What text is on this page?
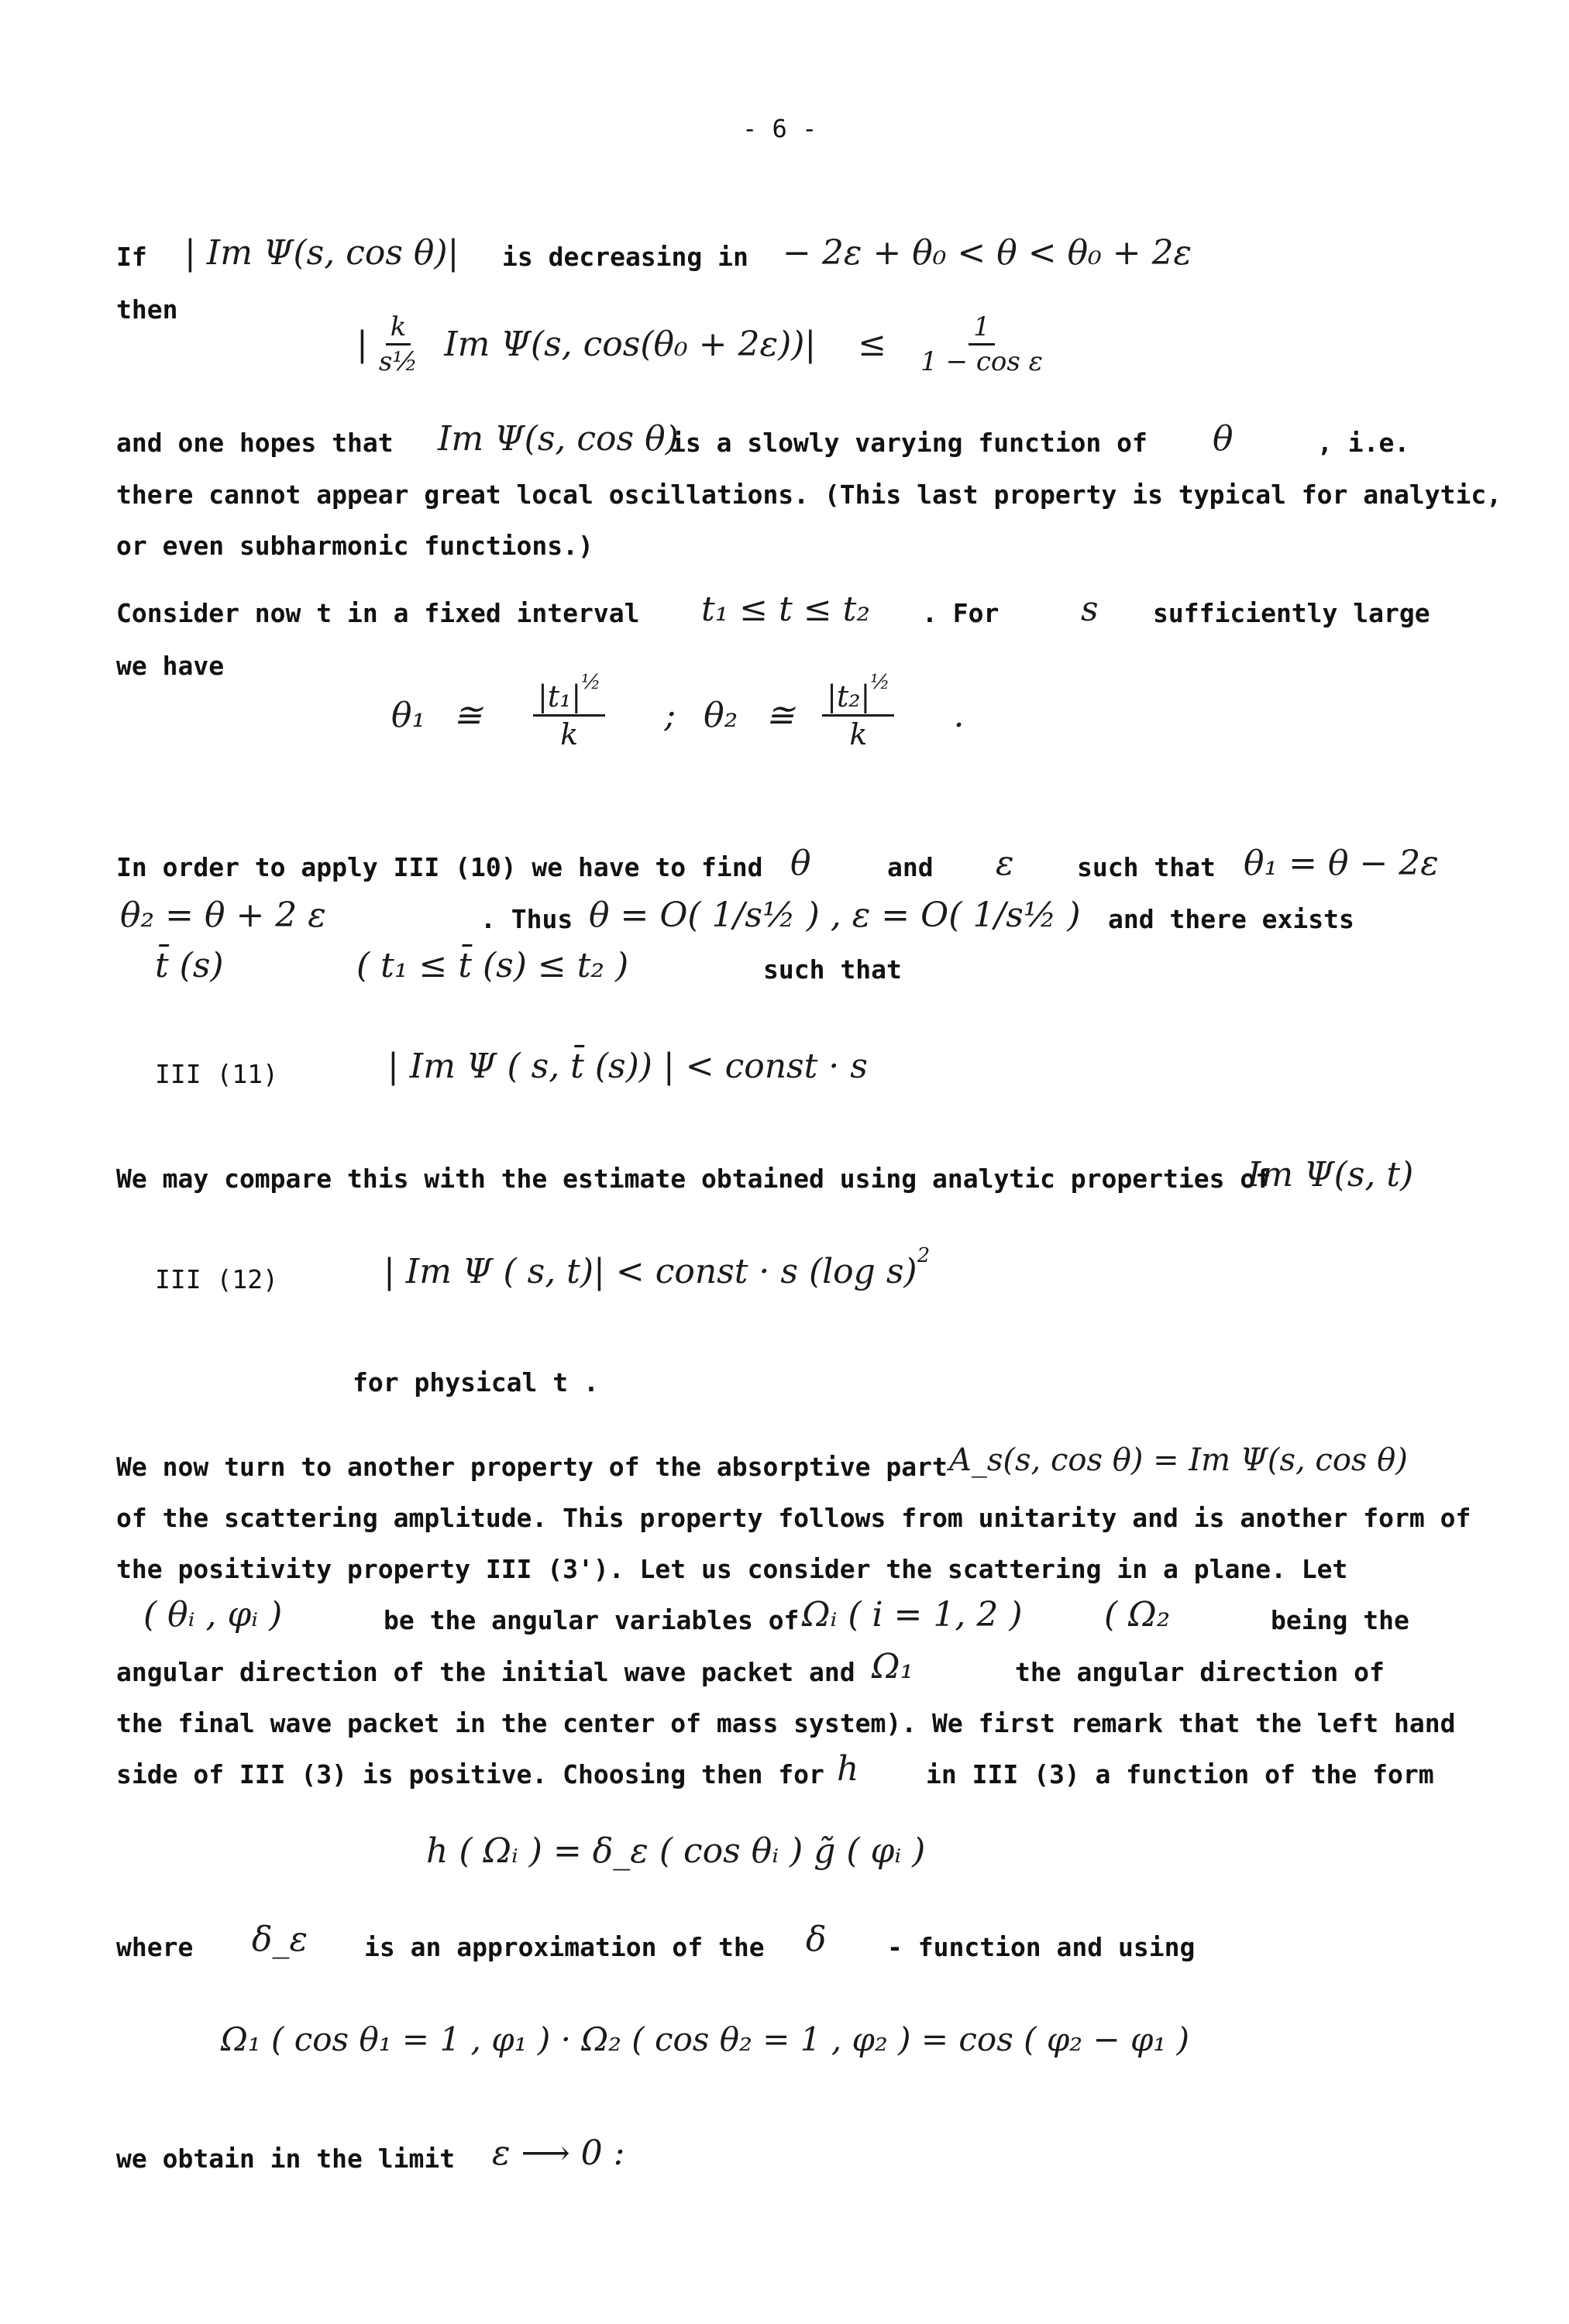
- 6 -
If | Im Ψ(s, cos θ)| is decreasing in − 2ε + θ₀ < θ < θ₀ + 2ε
then
| $\frac{k}{\text{s½}}$ Im Ψ(s, $\cos(\theta_0 + 2\varepsilon))| \le \frac{1}{\text{1 − cos ε}}$
and one hopes that Im Ψ(s, cos θ)
is a slowly varying function of θ	, i.e.
there cannot appear great local oscillations. (This last property is typical for analytic,
or even subharmonic functions.)
Consider now t in a fixed interval t₁ ≤ t ≤ t₂ . For s sufficiently large
we have
θ₁ ≅ $\frac{|t_1|^{\frac{1}{2}}}{k}$ ; θ₂ ≅ $\frac{|t_2|^{\frac{1}{2}}}{k}$ .
In order to apply III (10) we have to find θ	and ε such that θ₁ = θ − 2ε
θ₂ = θ + 2 ε	. Thus θ = O( 1/s½ ) , ε = O( 1/s½ ) and there exists
t̄ (s)	( t₁ ≤ t̄ (s) ≤ t₂ )	such that
III (11)	| Im Ψ ( s, t̄ (s)) | < const · s
We may compare this with the estimate obtained using analytic properties of
Im Ψ(s, t)
III (12)	| Im Ψ ( s, t)| < const · s (log s)$^2$
for physical t .
We now turn to another property of the absorptive part A_s(s, cos θ) = Im Ψ(s, cos θ)
of the scattering amplitude. This property follows from unitarity and is another form of
the positivity property III (3'). Let us consider the scattering in a plane. Let
( θᵢ , φᵢ )	be the angular variables of Ωᵢ ( i = 1, 2 ) ( Ω₂	being the
angular direction of the initial wave packet and Ω₁	the angular direction of
the final wave packet in the center of mass system). We first remark that the left hand
side of III (3) is positive. Choosing then for h	in III (3) a function of the form
h ( Ωᵢ ) = δ_ε ( cos θᵢ ) g̃ ( φᵢ )
where δ_ε is an approximation of the δ - function and using
Ω₁ ( cos θ₁ = 1 , φ₁ ) · Ω₂ ( cos θ₂ = 1 , φ₂ ) = cos ( φ₂ − φ₁ )
we obtain in the limit ε ⟶ 0 :
